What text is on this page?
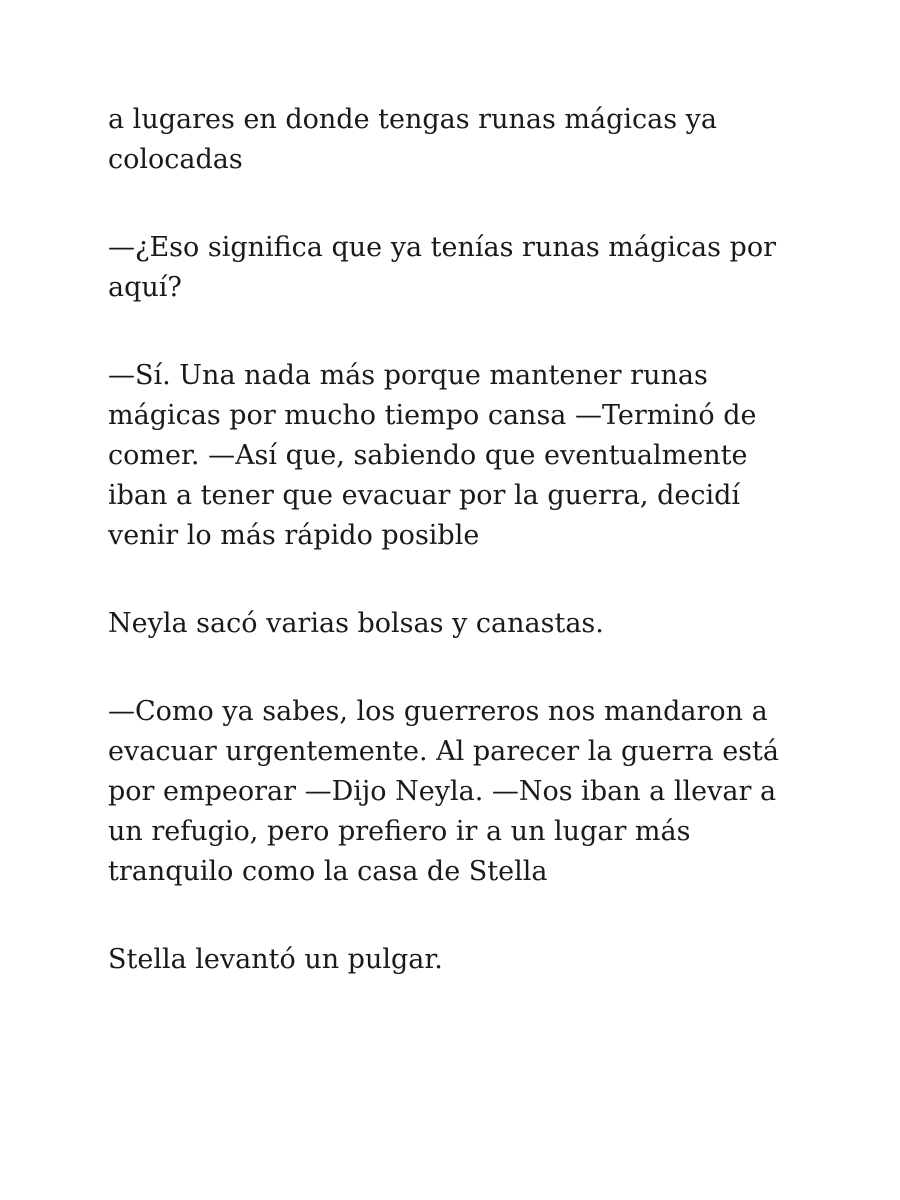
a lugares en donde tengas runas mágicas ya colocadas

—¿Eso significa que ya tenías runas mágicas por aquí?

—Sí. Una nada más porque mantener runas mágicas por mucho tiempo cansa —Terminó de comer. —Así que, sabiendo que eventualmente iban a tener que evacuar por la guerra, decidí venir lo más rápido posible

Neyla sacó varias bolsas y canastas.

—Como ya sabes, los guerreros nos mandaron a evacuar urgentemente. Al parecer la guerra está por empeorar —Dijo Neyla. —Nos iban a llevar a un refugio, pero prefiero ir a un lugar más tranquilo como la casa de Stella

Stella levantó un pulgar.
